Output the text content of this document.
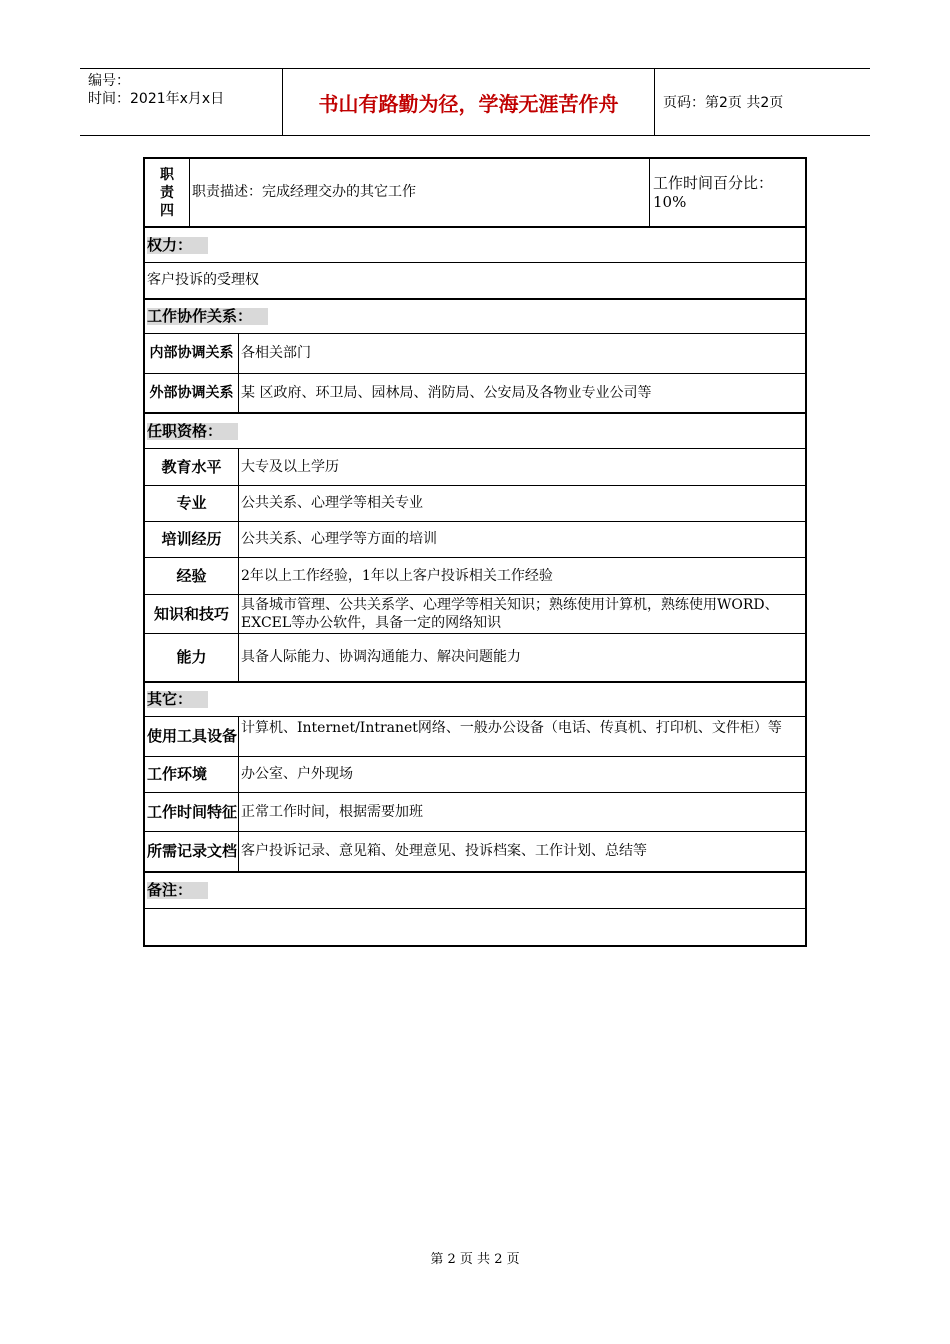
编号：
时间：2021年x月x日	书山有路勤为径，学海无涯苦作舟	页码：第2页 共2页
职责四
职责描述：完成经理交办的其它工作	工作时间百分比：
10%
权力：
客户投诉的受理权
工作协作关系：
内部协调关系 各相关部门
外部协调关系 某 区政府、环卫局、园林局、消防局、公安局及各物业专业公司等
任职资格：
教育水平	大专及以上学历
专业	公共关系、心理学等相关专业
培训经历	公共关系、心理学等方面的培训
经验	2年以上工作经验，1年以上客户投诉相关工作经验
知识和技巧 具备城市管理、公共关系学、心理学等相关知识；熟练使用计算机，熟练使用WORD、EXCEL等办公软件，具备一定的网络知识
能力	具备人际能力、协调沟通能力、解决问题能力
其它：
使用工具设备 计算机、Internet/Intranet网络、一般办公设备（电话、传真机、打印机、文件柜）等
工作环境	办公室、户外现场
工作时间特征 正常工作时间，根据需要加班
所需记录文档 客户投诉记录、意见箱、处理意见、投诉档案、工作计划、总结等
备注：
第 2 页 共 2 页
